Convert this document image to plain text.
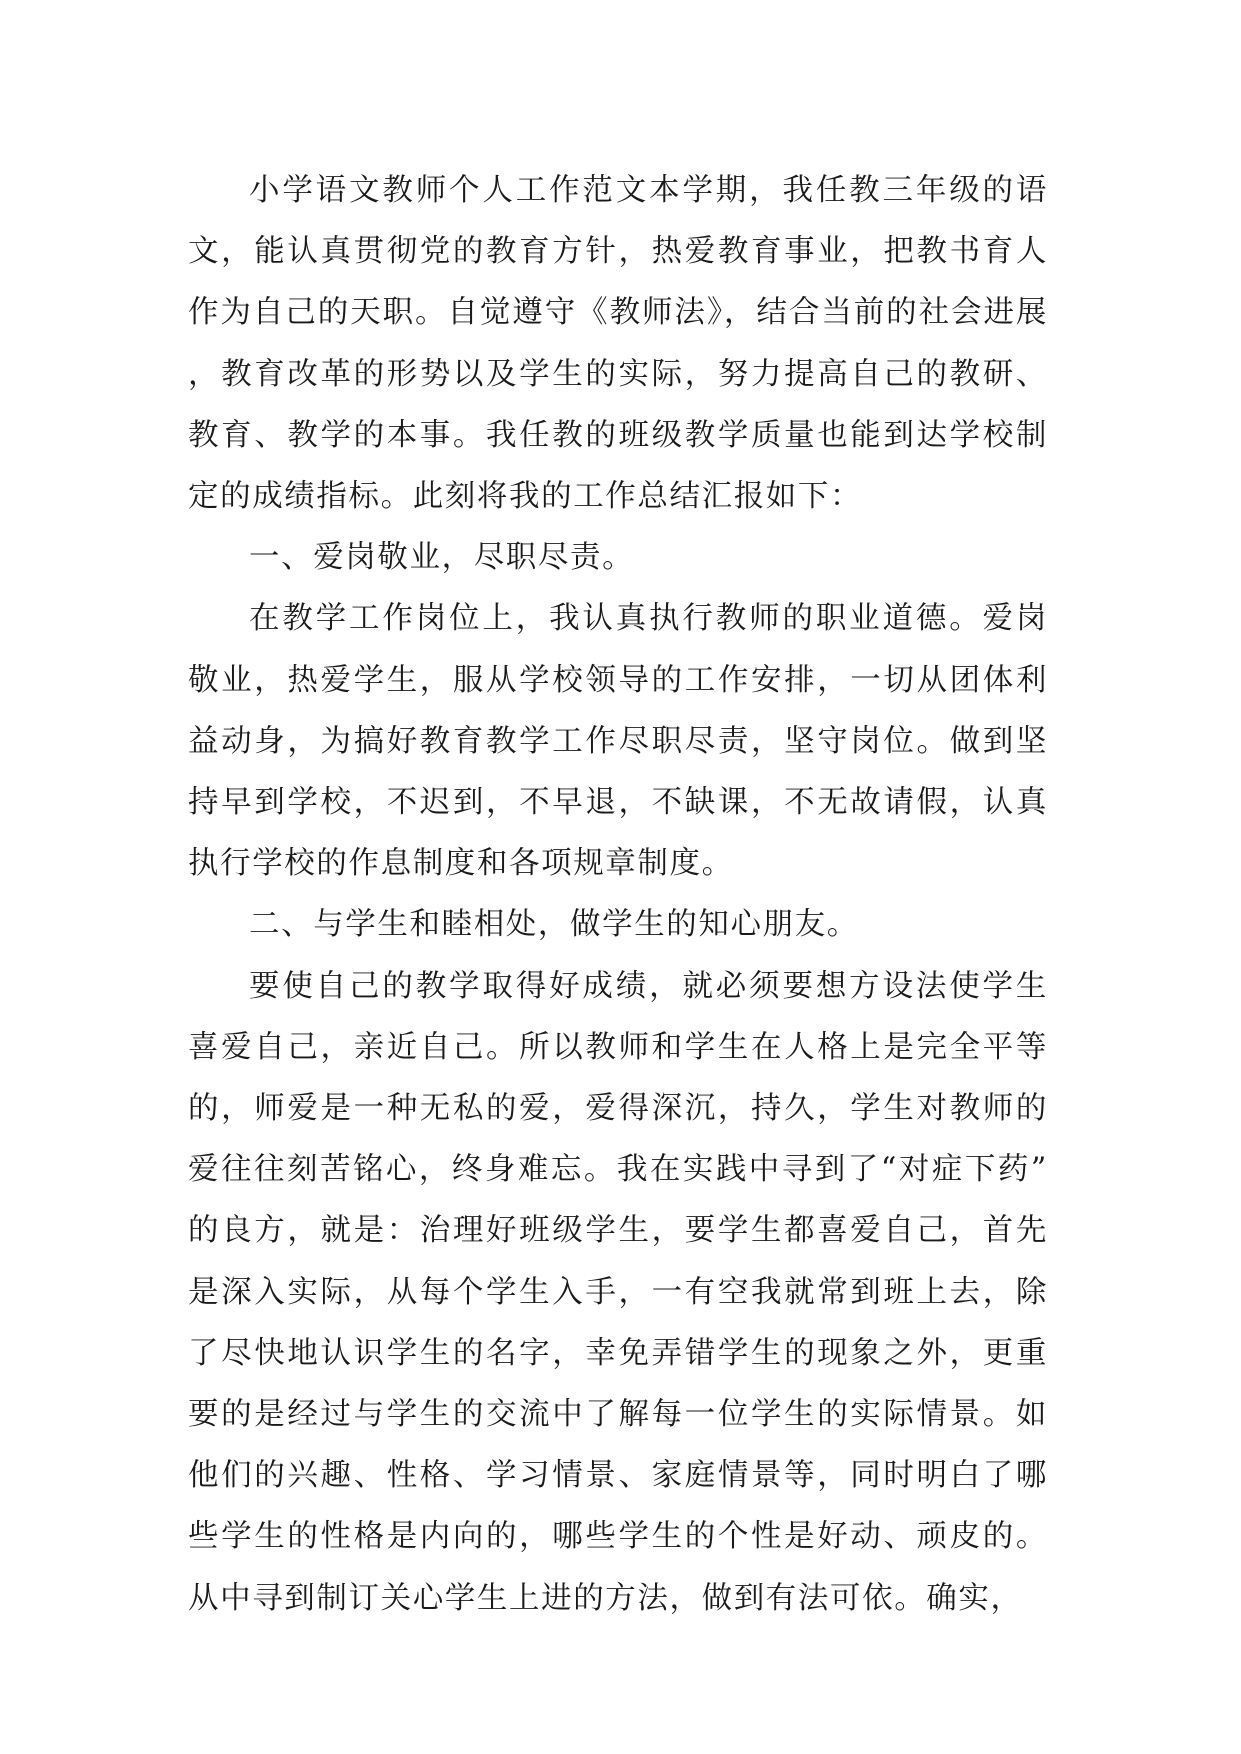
小学语文教师个人工作范文本学期，我任教三年级的语文，能认真贯彻党的教育方针，热爱教育事业，把教书育人作为自己的天职。自觉遵守《教师法》，结合当前的社会进展，教育改革的形势以及学生的实际，努力提高自己的教研、教育、教学的本事。我任教的班级教学质量也能到达学校制定的成绩指标。此刻将我的工作总结汇报如下：

一、爱岗敬业，尽职尽责。

在教学工作岗位上，我认真执行教师的职业道德。爱岗敬业，热爱学生，服从学校领导的工作安排，一切从团体利益动身，为搞好教育教学工作尽职尽责，坚守岗位。做到坚持早到学校，不迟到，不早退，不缺课，不无故请假，认真执行学校的作息制度和各项规章制度。

二、与学生和睦相处，做学生的知心朋友。

要使自己的教学取得好成绩，就必须要想方设法使学生喜爱自己，亲近自己。所以教师和学生在人格上是完全平等的，师爱是一种无私的爱，爱得深沉，持久，学生对教师的爱往往刻苦铭心，终身难忘。我在实践中寻到了“对症下药”的良方，就是：治理好班级学生，要学生都喜爱自己，首先是深入实际，从每个学生入手，一有空我就常到班上去，除了尽快地认识学生的名字，幸免弄错学生的现象之外，更重要的是经过与学生的交流中了解每一位学生的实际情景。如他们的兴趣、性格、学习情景、家庭情景等，同时明白了哪些学生的性格是内向的，哪些学生的个性是好动、顽皮的。从中寻到制订关心学生上进的方法，做到有法可依。确实，
